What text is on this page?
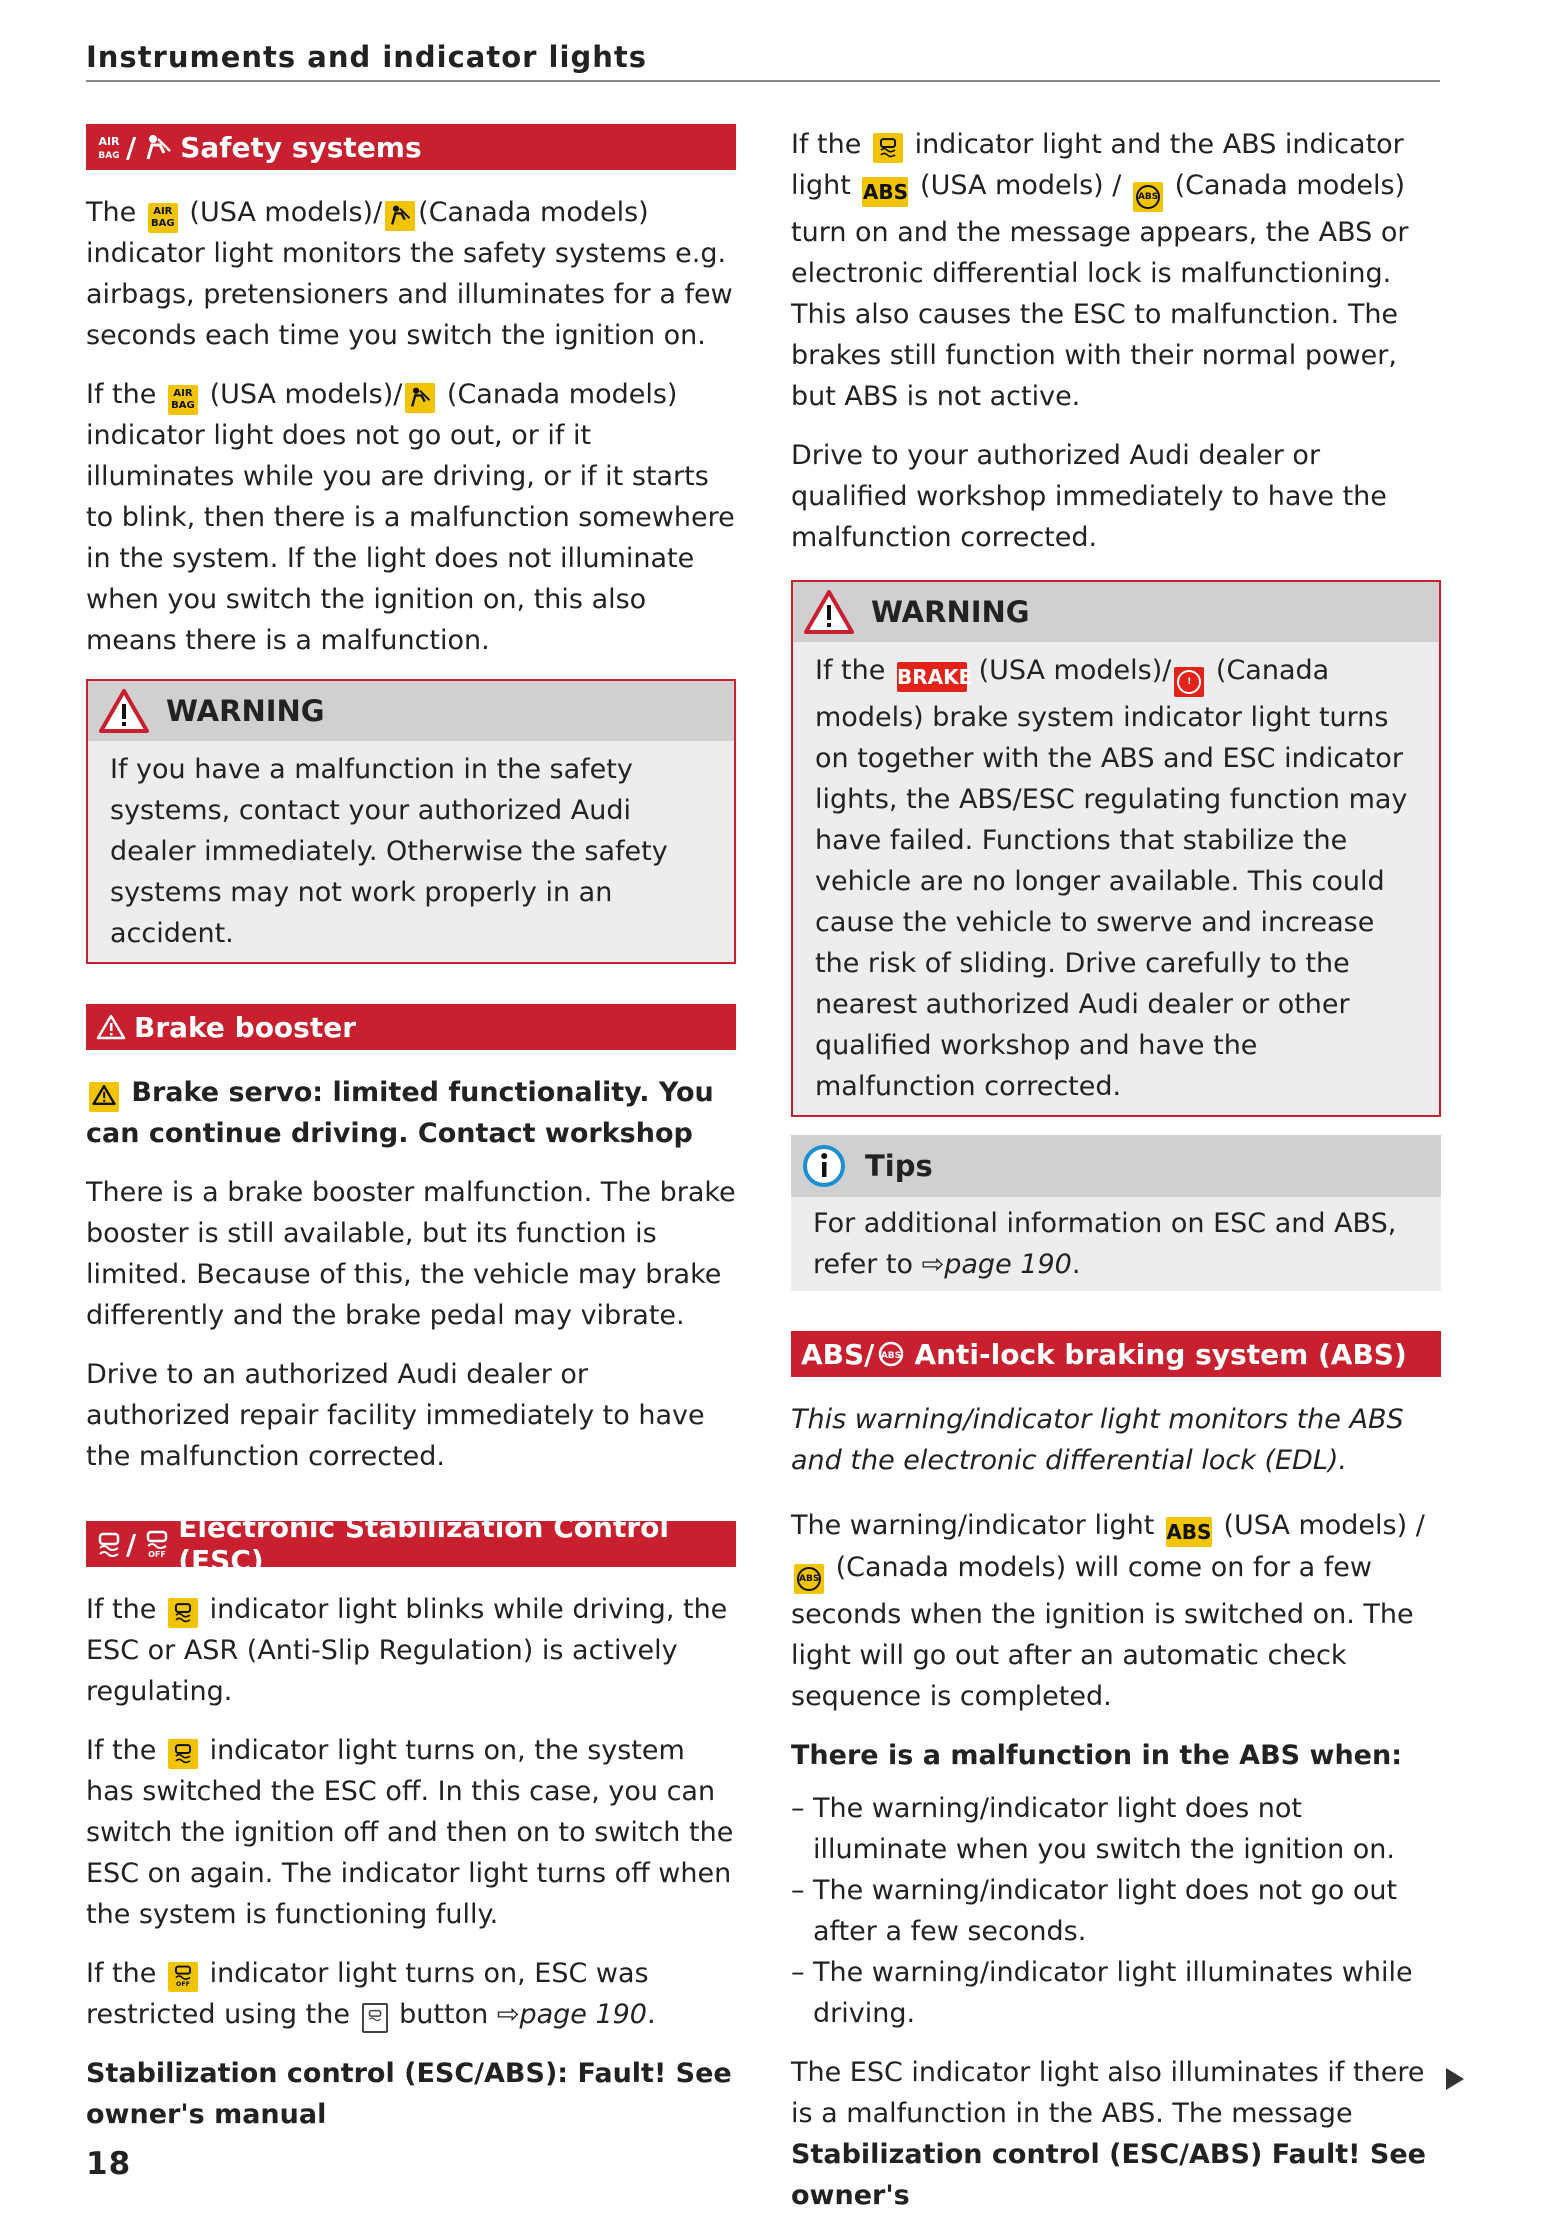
Instruments and indicator lights
AIR
BAG / Safety systems

The AIR
BAG (USA models)/ (Canada models) indicator light monitors the safety systems e.g. airbags, pretensioners and illuminates for a few seconds each time you switch the ignition on.

If the AIR
BAG (USA models)/ (Canada models) indicator light does not go out, or if it illuminates while you are driving, or if it starts to blink, then there is a malfunction somewhere in the system. If the light does not illuminate when you switch the ignition on, this also means there is a malfunction.

WARNING

If you have a malfunction in the safety systems, contact your authorized Audi dealer immediately. Otherwise the safety systems may not work properly in an accident.

Brake booster

Brake servo: limited functionality. You can continue driving. Contact workshop

There is a brake booster malfunction. The brake booster is still available, but its function is limited. Because of this, the vehicle may brake differently and the brake pedal may vibrate.

Drive to an authorized Audi dealer or authorized repair facility immediately to have the malfunction corrected.

/ OFF
Electronic Stabilization Control (ESC)

If the indicator light blinks while driving, the ESC or ASR (Anti-Slip Regulation) is actively regulating.

If the indicator light turns on, the system has switched the ESC off. In this case, you can switch the ignition off and then on to switch the ESC on again. The indicator light turns off when the system is functioning fully.

If the OFF indicator light turns on, ESC was restricted using the button ⇨page 190.

Stabilization control (ESC/ABS): Fault! See owner's manual

If the indicator light and the ABS indicator light ABS (USA models) / ABS (Canada models) turn on and the message appears, the ABS or electronic differential lock is malfunctioning. This also causes the ESC to malfunction. The brakes still function with their normal power, but ABS is not active.

Drive to your authorized Audi dealer or qualified workshop immediately to have the malfunction corrected.

WARNING

If the BRAKE (USA models)/ ! (Canada models) brake system indicator light turns on together with the ABS and ESC indicator lights, the ABS/ESC regulating function may have failed. Functions that stabilize the vehicle are no longer available. This could cause the vehicle to swerve and increase the risk of sliding. Drive carefully to the nearest authorized Audi dealer or other qualified workshop and have the malfunction corrected.

Tips

For additional information on ESC and ABS, refer to ⇨page 190.

ABS/ ABS Anti-lock braking system (ABS)

This warning/indicator light monitors the ABS and the electronic differential lock (EDL).

The warning/indicator light ABS (USA models) / ABS (Canada models) will come on for a few seconds when the ignition is switched on. The light will go out after an automatic check sequence is completed.

There is a malfunction in the ABS when:

– The warning/indicator light does not illuminate when you switch the ignition on.
– The warning/indicator light does not go out after a few seconds.
– The warning/indicator light illuminates while driving.

The ESC indicator light also illuminates if there is a malfunction in the ABS. The message Stabilization control (ESC/ABS) Fault! See owner's

18
